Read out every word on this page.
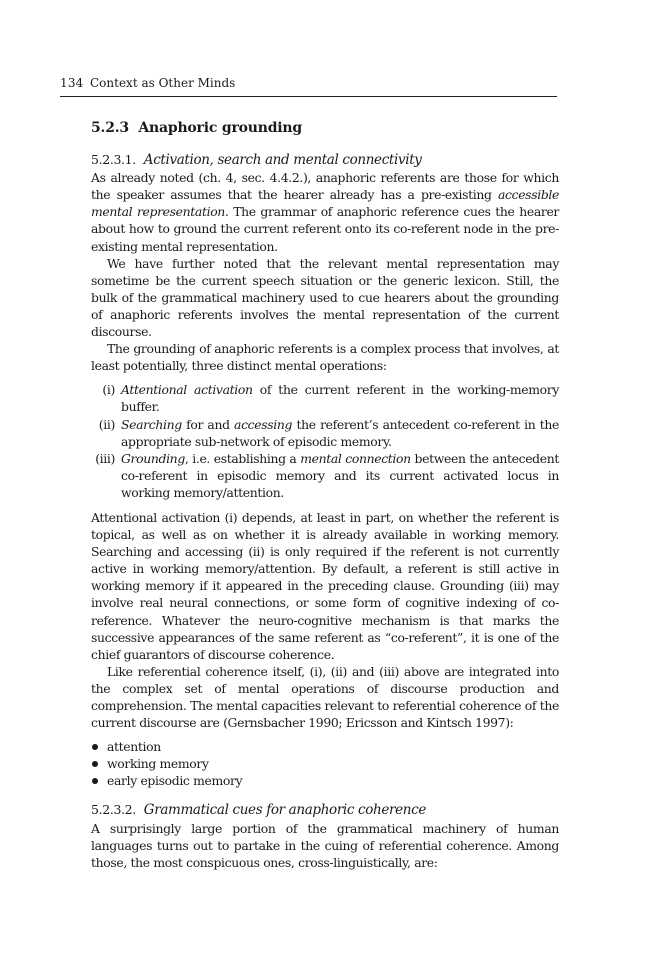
134 Context as Other Minds
5.2.3 Anaphoric grounding
5.2.3.1. Activation, search and mental connectivity

As already noted (ch. 4, sec. 4.4.2.), anaphoric referents are those for which the speaker assumes that the hearer already has a pre-existing accessible mental representation. The grammar of anaphoric reference cues the hearer about how to ground the current referent onto its co-referent node in the pre-existing mental representation.

We have further noted that the relevant mental representation may sometime be the current speech situation or the generic lexicon. Still, the bulk of the grammatical machinery used to cue hearers about the grounding of anaphoric referents involves the mental representation of the current discourse.

The grounding of anaphoric referents is a complex process that involves, at least potentially, three distinct mental operations:

(i) Attentional activation of the current referent in the working-memory buffer.
(ii) Searching for and accessing the referent’s antecedent co-referent in the appropriate sub-network of episodic memory.
(iii) Grounding, i.e. establishing a mental connection between the antecedent co-referent in episodic memory and its current activated locus in working memory/attention.

Attentional activation (i) depends, at least in part, on whether the referent is topical, as well as on whether it is already available in working memory. Searching and accessing (ii) is only required if the referent is not currently active in working memory/attention. By default, a referent is still active in working memory if it appeared in the preceding clause. Grounding (iii) may involve real neural connections, or some form of cognitive indexing of co-reference. Whatever the neuro-cognitive mechanism is that marks the successive appearances of the same referent as “co-referent”, it is one of the chief guarantors of discourse coherence.

Like referential coherence itself, (i), (ii) and (iii) above are integrated into the complex set of mental operations of discourse production and comprehension. The mental capacities relevant to referential coherence of the current discourse are (Gernsbacher 1990; Ericsson and Kintsch 1997):

attention
working memory
early episodic memory
5.2.3.2. Grammatical cues for anaphoric coherence

A surprisingly large portion of the grammatical machinery of human languages turns out to partake in the cuing of referential coherence. Among those, the most conspicuous ones, cross-linguistically, are:
